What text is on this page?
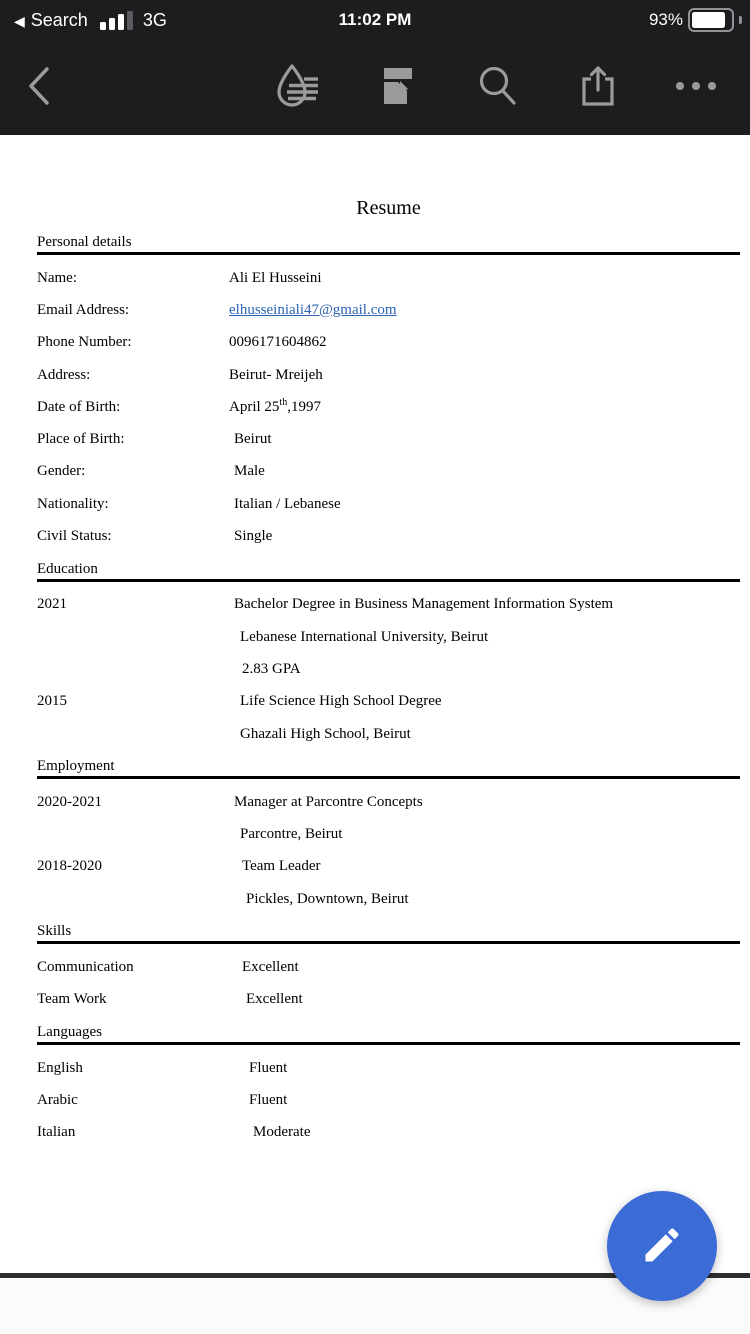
◀ Search	3G	11:02 PM	93%
Resume
Personal details
Name:	Ali El Husseini
Email Address:	elhusseiniali47@gmail.com
Phone Number:	0096171604862
Address:	Beirut- Mreijeh
Date of Birth:	April 25th,1997
Place of Birth:	Beirut
Gender:	Male
Nationality:	Italian / Lebanese
Civil Status:	Single
Education
2021	Bachelor Degree in Business Management Information System
Lebanese International University, Beirut
2.83 GPA
2015	Life Science High School Degree
Ghazali High School, Beirut
Employment
2020-2021	Manager at Parcontre Concepts
Parcontre, Beirut
2018-2020	Team Leader
Pickles, Downtown, Beirut
Skills
Communication	Excellent
Team Work	Excellent
Languages
English	Fluent
Arabic	Fluent
Italian	Moderate
